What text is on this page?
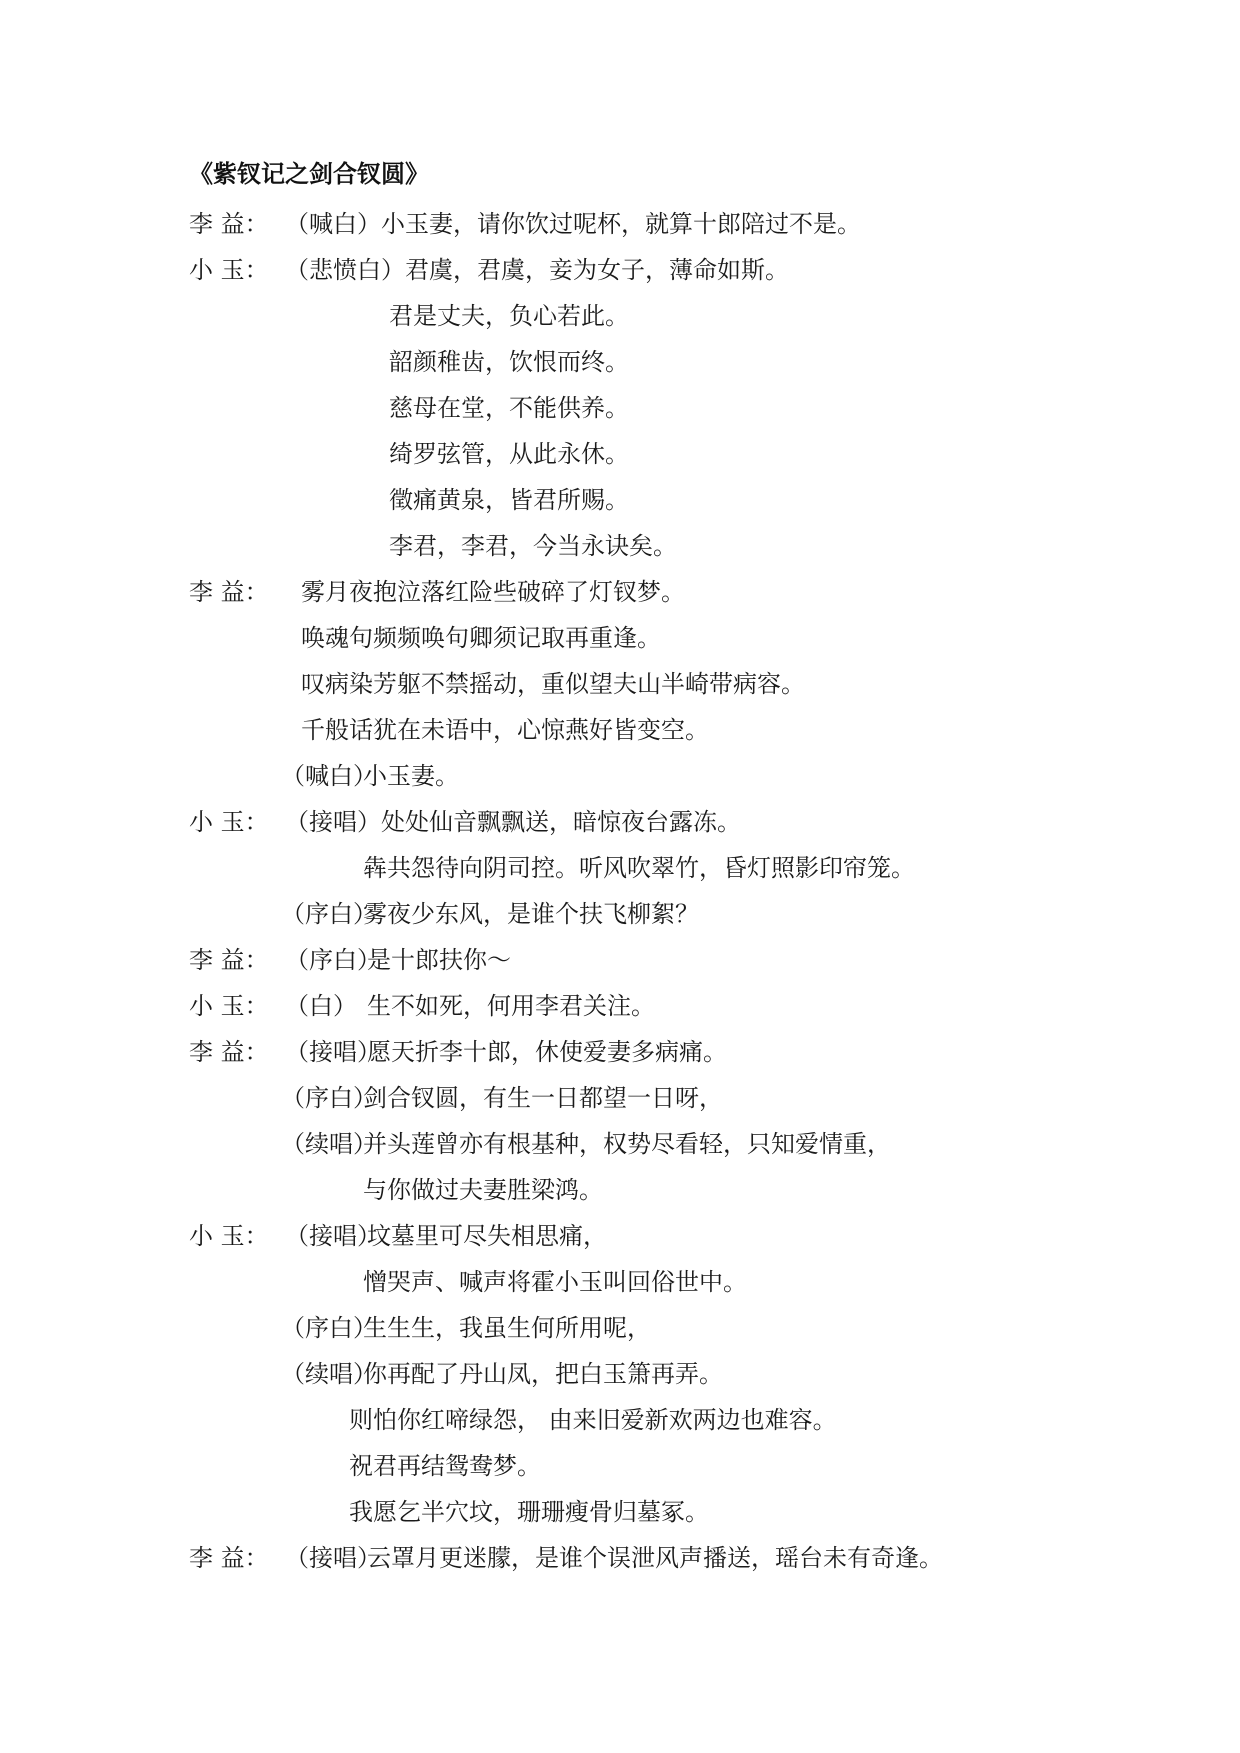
《紫钗记之剑合钗圆》
李 益： （喊白）小玉妻，请你饮过呢杯，就算十郎陪过不是。
小 玉： （悲愤白）君虞，君虞，妾为女子，薄命如斯。
君是丈夫，负心若此。
韶颜稚齿，饮恨而终。
慈母在堂，不能供养。
绮罗弦管，从此永休。
徵痛黄泉，皆君所赐。
李君，李君，今当永诀矣。
李 益： 雾月夜抱泣落红险些破碎了灯钗梦。
唤魂句频频唤句卿须记取再重逢。
叹病染芳躯不禁摇动，重似望夫山半崎带病容。
千般话犹在未语中，心惊燕好皆变空。
（喊白）小玉妻。
小 玉： （接唱）处处仙音飘飘送，暗惊夜台露冻。
犇共怨待向阴司控。听风吹翠竹，昏灯照影印帘笼。
（序白）雾夜少东风，是谁个扶飞柳絮？
李 益： （序白）是十郎扶你～
小 玉： （白） 生不如死，何用李君关注。
李 益： （接唱）愿天折李十郎，休使爱妻多病痛。
（序白）剑合钗圆，有生一日都望一日呀，
（续唱）并头莲曾亦有根基种，权势尽看轻，只知爱情重，
与你做过夫妻胜梁鸿。
小 玉： （接唱）坟墓里可尽失相思痛，
憎哭声、喊声将霍小玉叫回俗世中。
（序白）生生生，我虽生何所用呢，
（续唱）你再配了丹山凤，把白玉箫再弄。
则怕你红啼绿怨， 由来旧爱新欢两边也难容。
祝君再结鸳鸯梦。
我愿乞半穴坟，珊珊瘦骨归墓冢。
李 益： （接唱）云罩月更迷朦，是谁个误泄风声播送，瑶台未有奇逢。
